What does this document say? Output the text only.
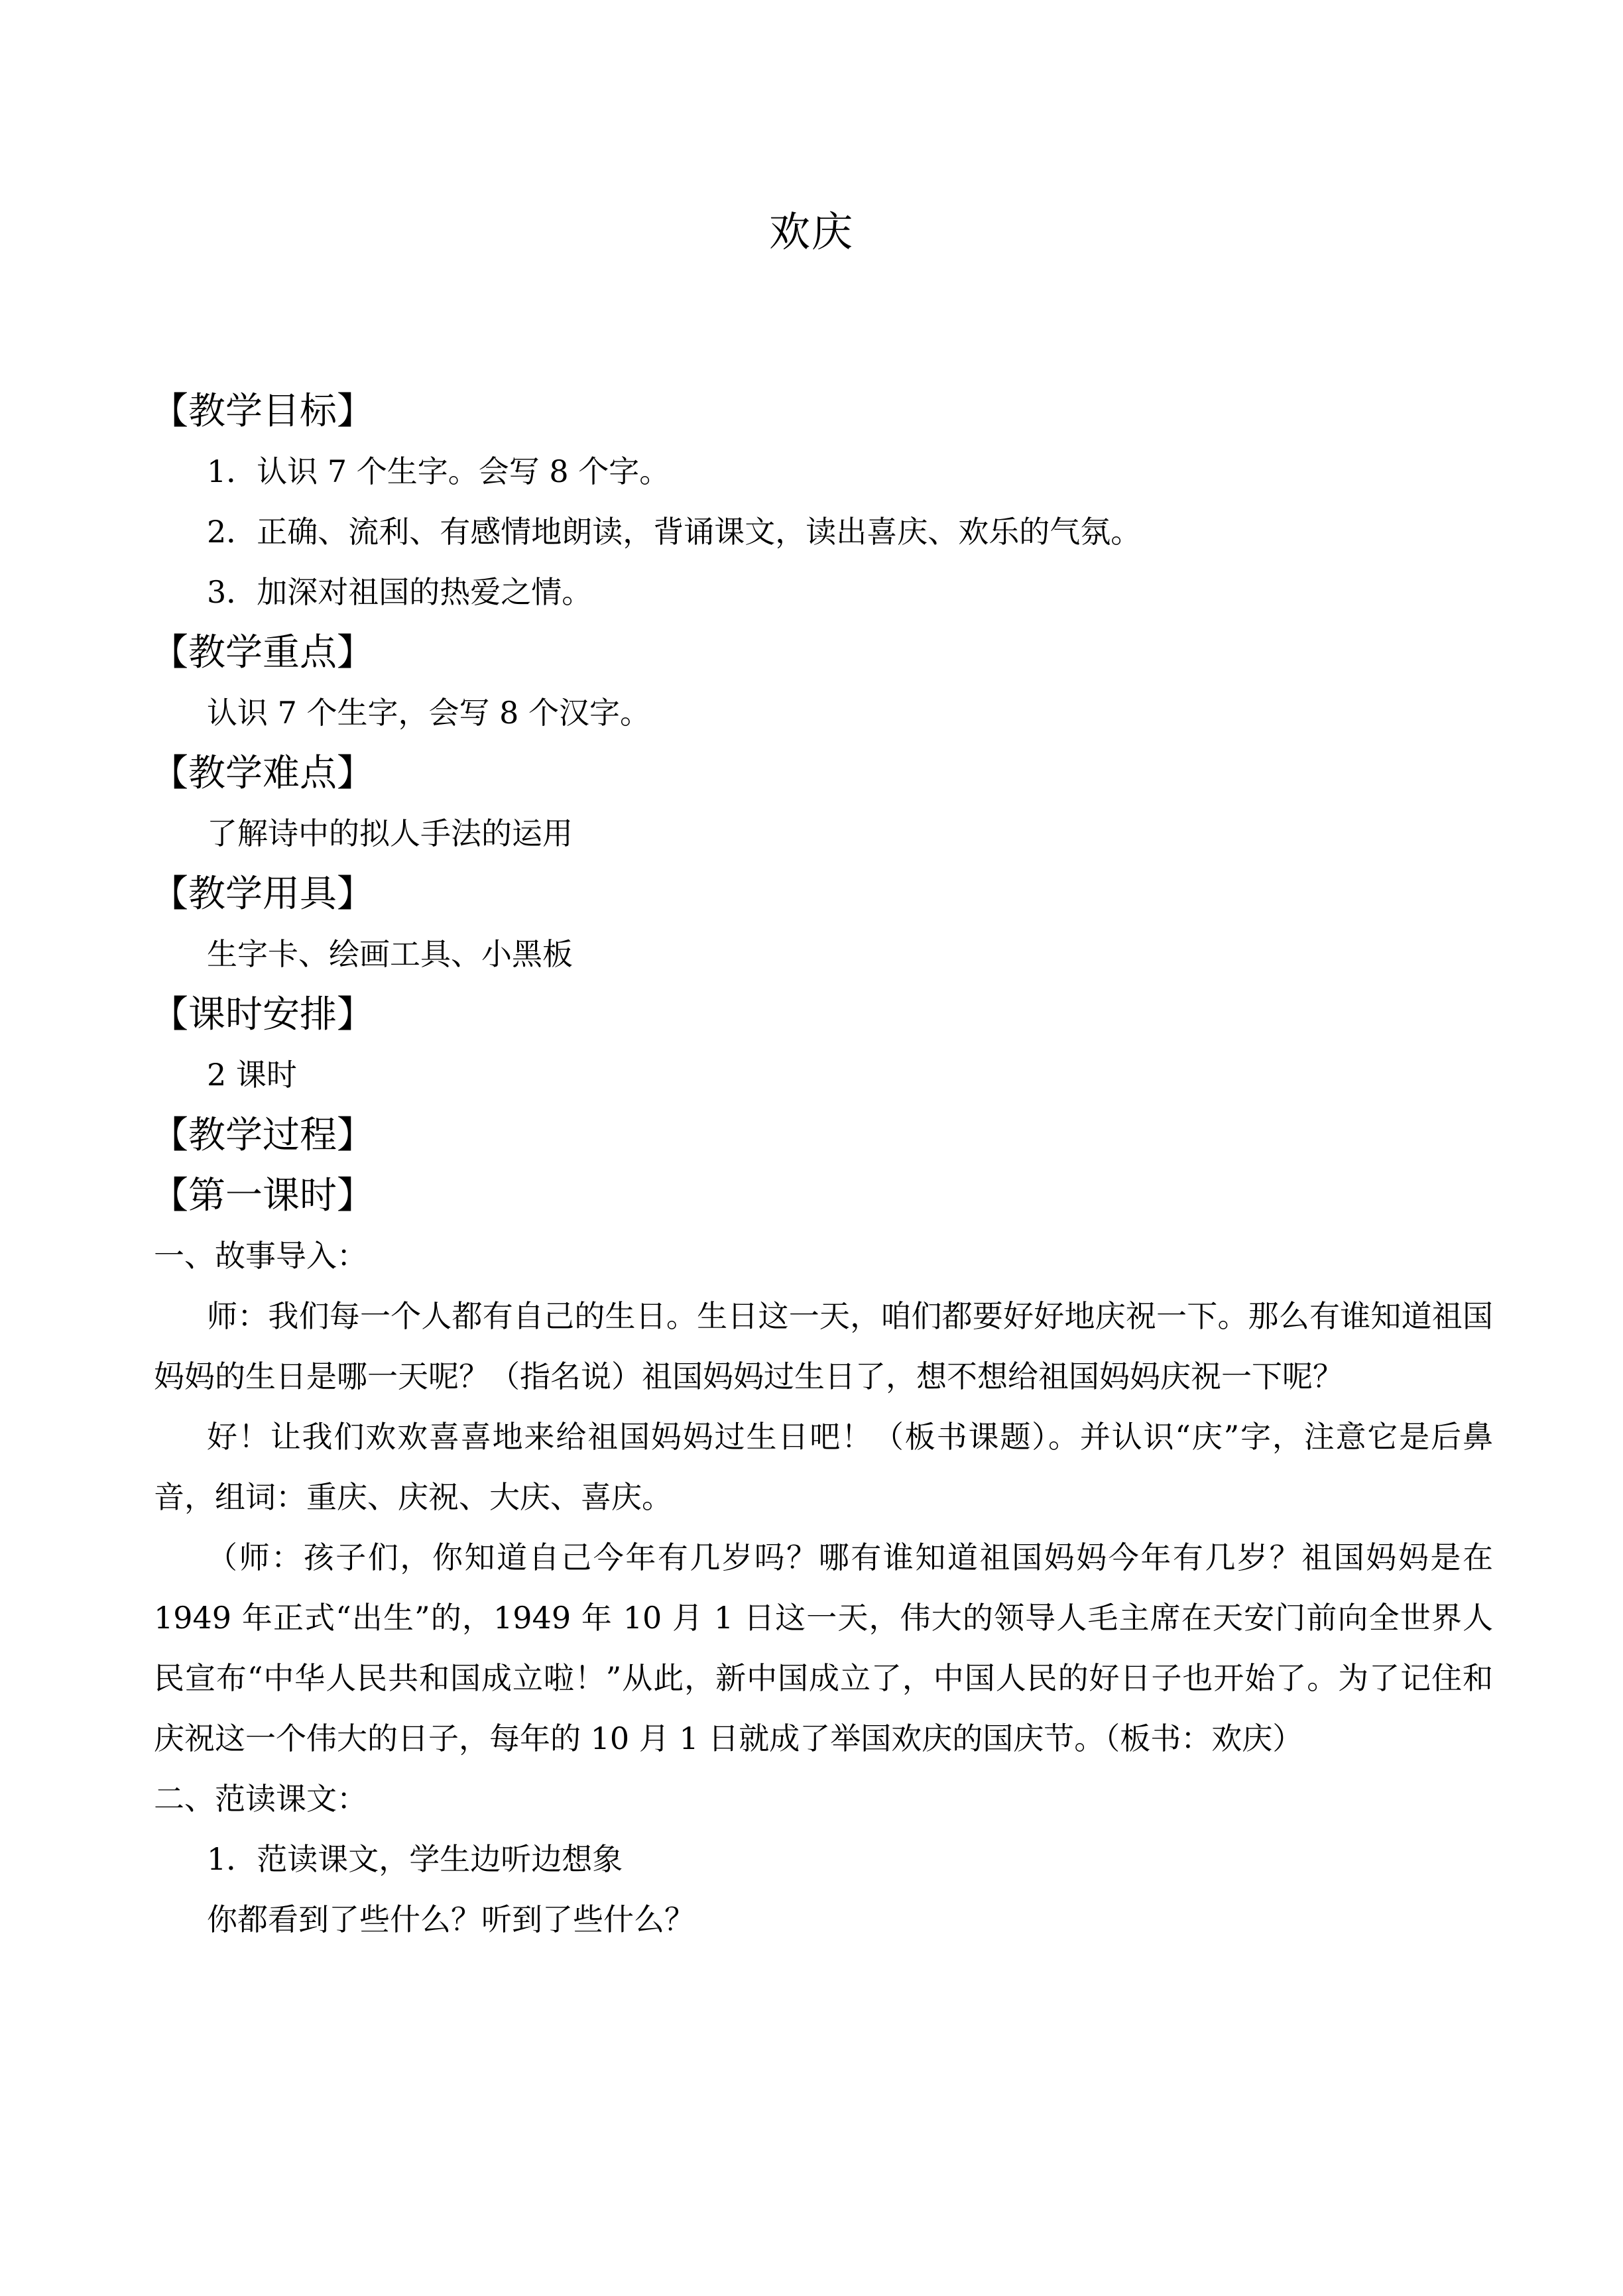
欢庆
【教学目标】
1．认识 7 个生字。会写 8 个字。
2．正确、流利、有感情地朗读，背诵课文，读出喜庆、欢乐的气氛。
3．加深对祖国的热爱之情。
【教学重点】
认识 7 个生字，会写 8 个汉字。
【教学难点】
了解诗中的拟人手法的运用
【教学用具】
生字卡、绘画工具、小黑板
【课时安排】
2 课时
【教学过程】
【第一课时】
一、故事导入：

师：我们每一个人都有自己的生日。生日这一天，咱们都要好好地庆祝一下。那么有谁知道祖国妈妈的生日是哪一天呢？（指名说）祖国妈妈过生日了，想不想给祖国妈妈庆祝一下呢？

好！让我们欢欢喜喜地来给祖国妈妈过生日吧！（板书课题）。并认识“庆”字，注意它是后鼻音，组词：重庆、庆祝、大庆、喜庆。

（师：孩子们，你知道自己今年有几岁吗？哪有谁知道祖国妈妈今年有几岁？祖国妈妈是在 1949 年正式“出生”的，1949 年 10 月 1 日这一天，伟大的领导人毛主席在天安门前向全世界人民宣布“中华人民共和国成立啦！”从此，新中国成立了，中国人民的好日子也开始了。为了记住和庆祝这一个伟大的日子，每年的 10 月 1 日就成了举国欢庆的国庆节。（板书：欢庆）

二、范读课文：
1．范读课文，学生边听边想象
你都看到了些什么？听到了些什么？
